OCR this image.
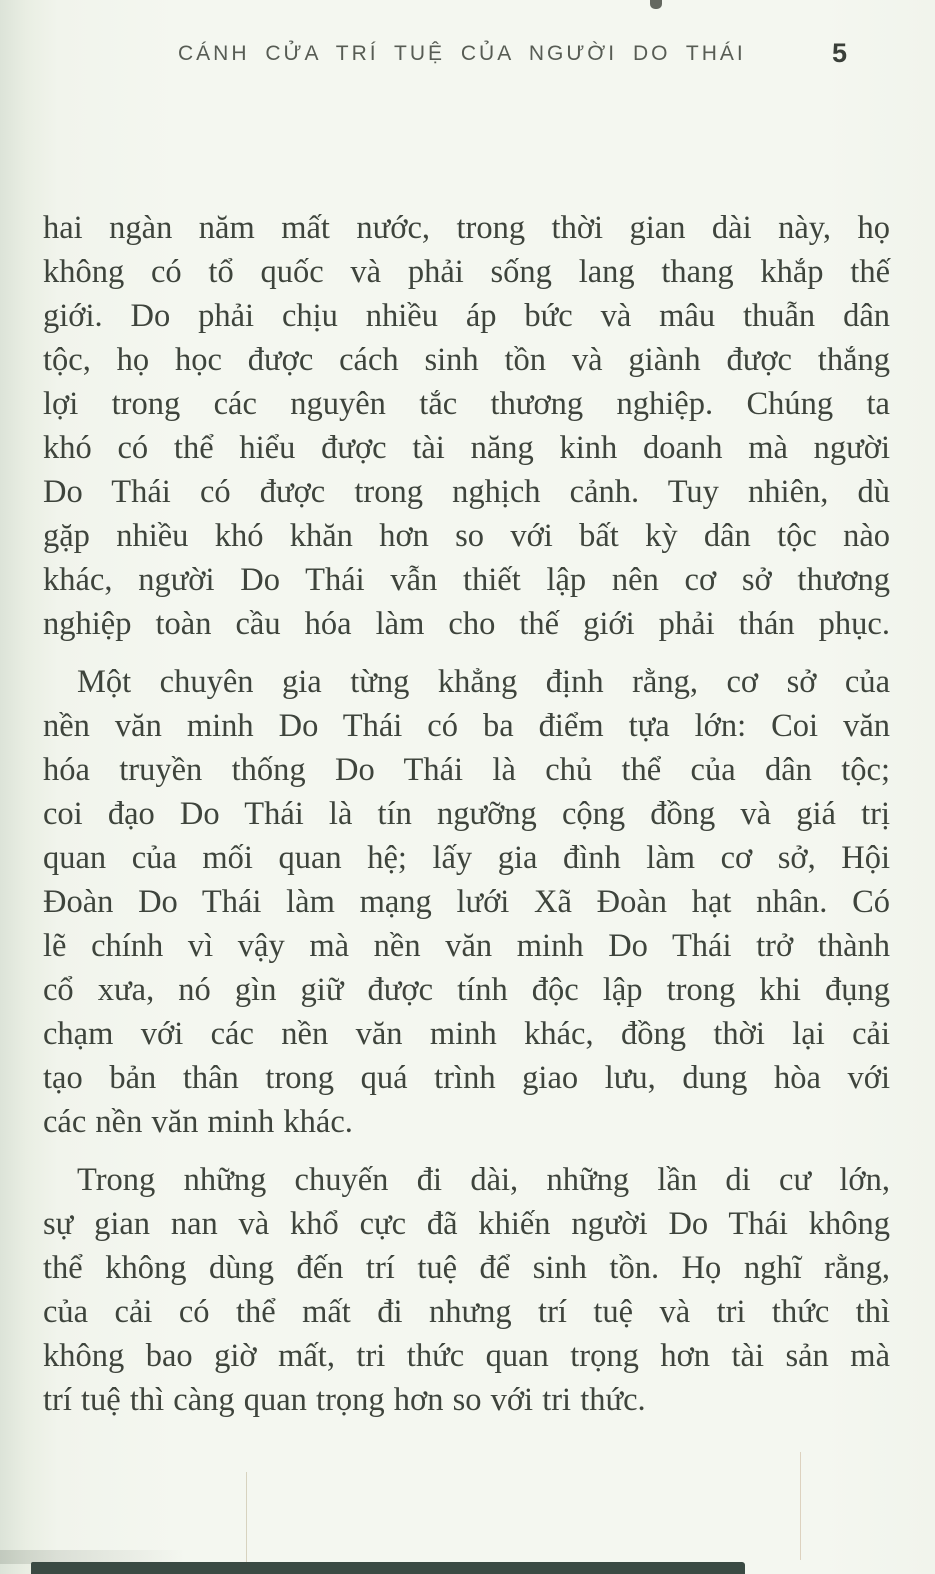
CÁNH CỬA TRÍ TUỆ CỦA NGƯỜI DO THÁI	5
hai ngàn năm mất nước, trong thời gian dài này, họ
không có tổ quốc và phải sống lang thang khắp thế
giới. Do phải chịu nhiều áp bức và mâu thuẫn dân
tộc, họ học được cách sinh tồn và giành được thắng
lợi trong các nguyên tắc thương nghiệp. Chúng ta
khó có thể hiểu được tài năng kinh doanh mà người
Do Thái có được trong nghịch cảnh. Tuy nhiên, dù
gặp nhiều khó khăn hơn so với bất kỳ dân tộc nào
khác, người Do Thái vẫn thiết lập nên cơ sở thương
nghiệp toàn cầu hóa làm cho thế giới phải thán phục.
Một chuyên gia từng khẳng định rằng, cơ sở của
nền văn minh Do Thái có ba điểm tựa lớn: Coi văn
hóa truyền thống Do Thái là chủ thể của dân tộc;
coi đạo Do Thái là tín ngưỡng cộng đồng và giá trị
quan của mối quan hệ; lấy gia đình làm cơ sở, Hội
Đoàn Do Thái làm mạng lưới Xã Đoàn hạt nhân. Có
lẽ chính vì vậy mà nền văn minh Do Thái trở thành
cổ xưa, nó gìn giữ được tính độc lập trong khi đụng
chạm với các nền văn minh khác, đồng thời lại cải
tạo bản thân trong quá trình giao lưu, dung hòa với
các nền văn minh khác.
Trong những chuyến đi dài, những lần di cư lớn,
sự gian nan và khổ cực đã khiến người Do Thái không
thể không dùng đến trí tuệ để sinh tồn. Họ nghĩ rằng,
của cải có thể mất đi nhưng trí tuệ và tri thức thì
không bao giờ mất, tri thức quan trọng hơn tài sản mà
trí tuệ thì càng quan trọng hơn so với tri thức.
